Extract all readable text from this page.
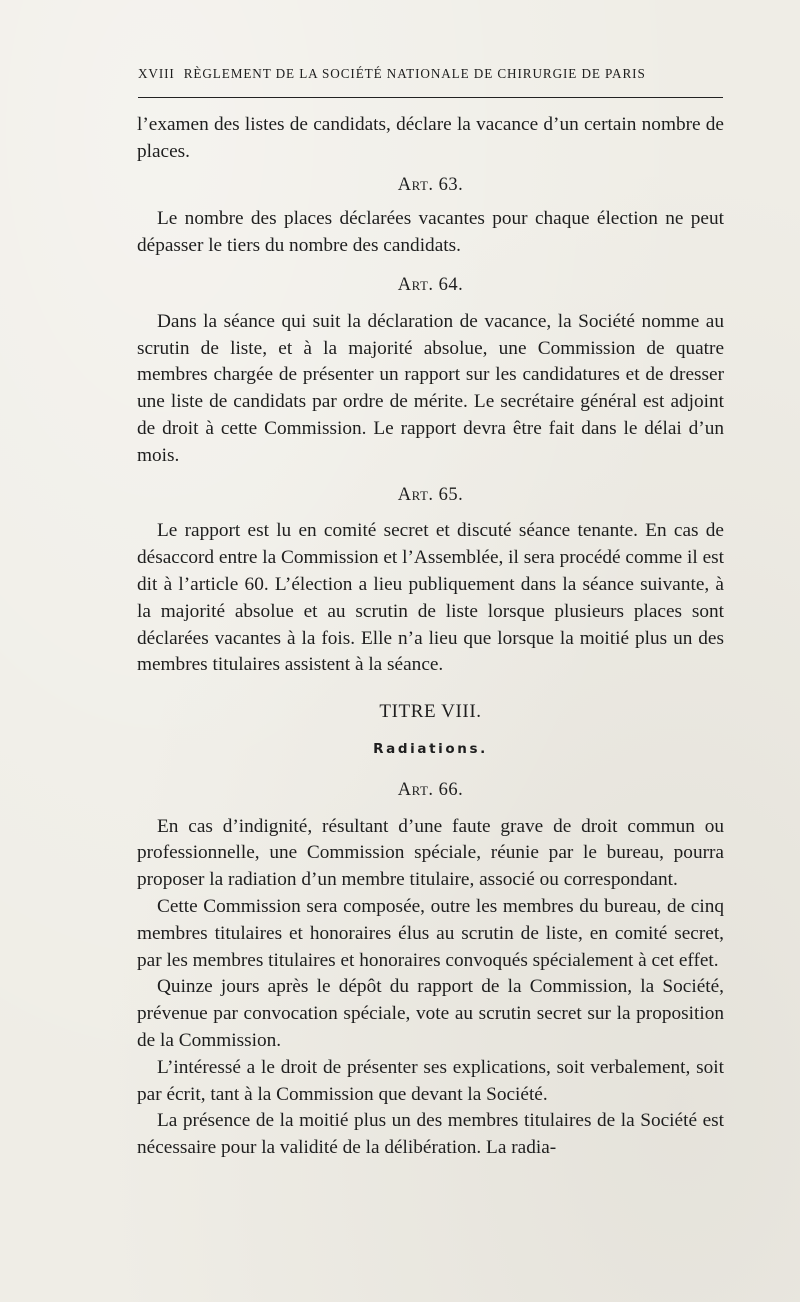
XVIII RÈGLEMENT DE LA SOCIÉTÉ NATIONALE DE CHIRURGIE DE PARIS

l’examen des listes de candidats, déclare la vacance d’un certain nombre de places.

Art. 63.

Le nombre des places déclarées vacantes pour chaque élection ne peut dépasser le tiers du nombre des candidats.

Art. 64.

Dans la séance qui suit la déclaration de vacance, la Société nomme au scrutin de liste, et à la majorité absolue, une Commission de quatre membres chargée de présenter un rapport sur les candidatures et de dresser une liste de candidats par ordre de mérite. Le secrétaire général est adjoint de droit à cette Commission. Le rapport devra être fait dans le délai d’un mois.

Art. 65.

Le rapport est lu en comité secret et discuté séance tenante. En cas de désaccord entre la Commission et l’Assemblée, il sera procédé comme il est dit à l’article 60. L’élection a lieu publiquement dans la séance suivante, à la majorité absolue et au scrutin de liste lorsque plusieurs places sont déclarées vacantes à la fois. Elle n’a lieu que lorsque la moitié plus un des membres titulaires assistent à la séance.

TITRE VIII.
Radiations.
Art. 66.

En cas d’indignité, résultant d’une faute grave de droit commun ou professionnelle, une Commission spéciale, réunie par le bureau, pourra proposer la radiation d’un membre titulaire, associé ou correspondant.

Cette Commission sera composée, outre les membres du bureau, de cinq membres titulaires et honoraires élus au scrutin de liste, en comité secret, par les membres titulaires et honoraires convoqués spécialement à cet effet.

Quinze jours après le dépôt du rapport de la Commission, la Société, prévenue par convocation spéciale, vote au scrutin secret sur la proposition de la Commission.

L’intéressé a le droit de présenter ses explications, soit verbalement, soit par écrit, tant à la Commission que devant la Société.

La présence de la moitié plus un des membres titulaires de la Société est nécessaire pour la validité de la délibération. La radia-
